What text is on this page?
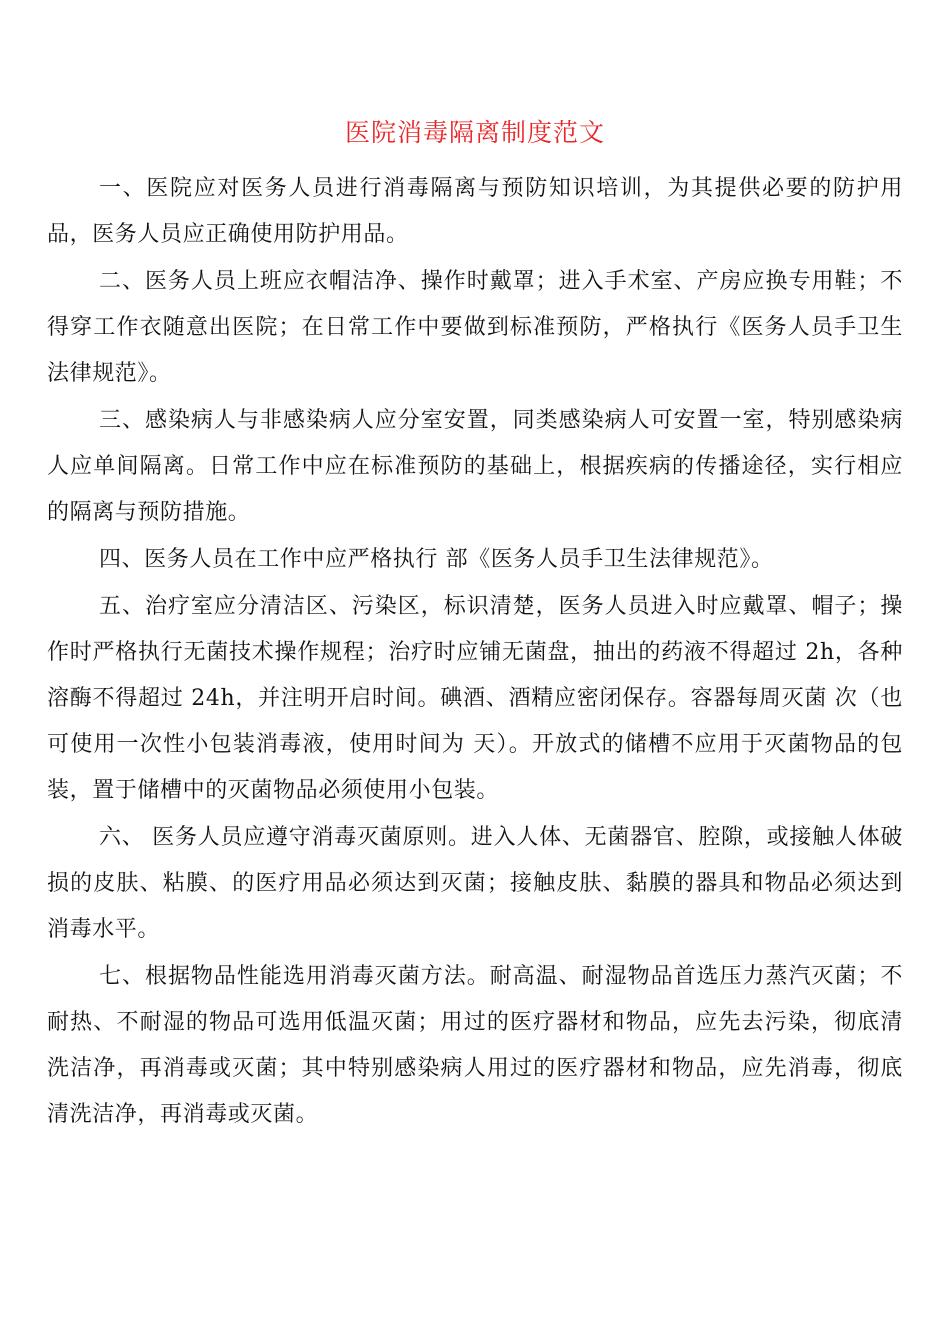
医院消毒隔离制度范文

一、医院应对医务人员进行消毒隔离与预防知识培训，为其提供必要的防护用品，医务人员应正确使用防护用品。

二、医务人员上班应衣帽洁净、操作时戴罩；进入手术室、产房应换专用鞋；不得穿工作衣随意出医院；在日常工作中要做到标准预防，严格执行《医务人员手卫生法律规范》。

三、感染病人与非感染病人应分室安置，同类感染病人可安置一室，特别感染病人应单间隔离。日常工作中应在标准预防的基础上，根据疾病的传播途径，实行相应的隔离与预防措施。

四、医务人员在工作中应严格执行 部《医务人员手卫生法律规范》。

五、治疗室应分清洁区、污染区，标识清楚，医务人员进入时应戴罩、帽子；操作时严格执行无菌技术操作规程；治疗时应铺无菌盘，抽出的药液不得超过 2h，各种溶酶不得超过 24h，并注明开启时间。碘酒、酒精应密闭保存。容器每周灭菌 次（也可使用一次性小包装消毒液，使用时间为 天）。开放式的储槽不应用于灭菌物品的包装，置于储槽中的灭菌物品必须使用小包装。

六、 医务人员应遵守消毒灭菌原则。进入人体、无菌器官、腔隙，或接触人体破损的皮肤、粘膜、的医疗用品必须达到灭菌；接触皮肤、黏膜的器具和物品必须达到消毒水平。

七、根据物品性能选用消毒灭菌方法。耐高温、耐湿物品首选压力蒸汽灭菌；不耐热、不耐湿的物品可选用低温灭菌；用过的医疗器材和物品，应先去污染，彻底清洗洁净，再消毒或灭菌；其中特别感染病人用过的医疗器材和物品，应先消毒，彻底清洗洁净，再消毒或灭菌。
